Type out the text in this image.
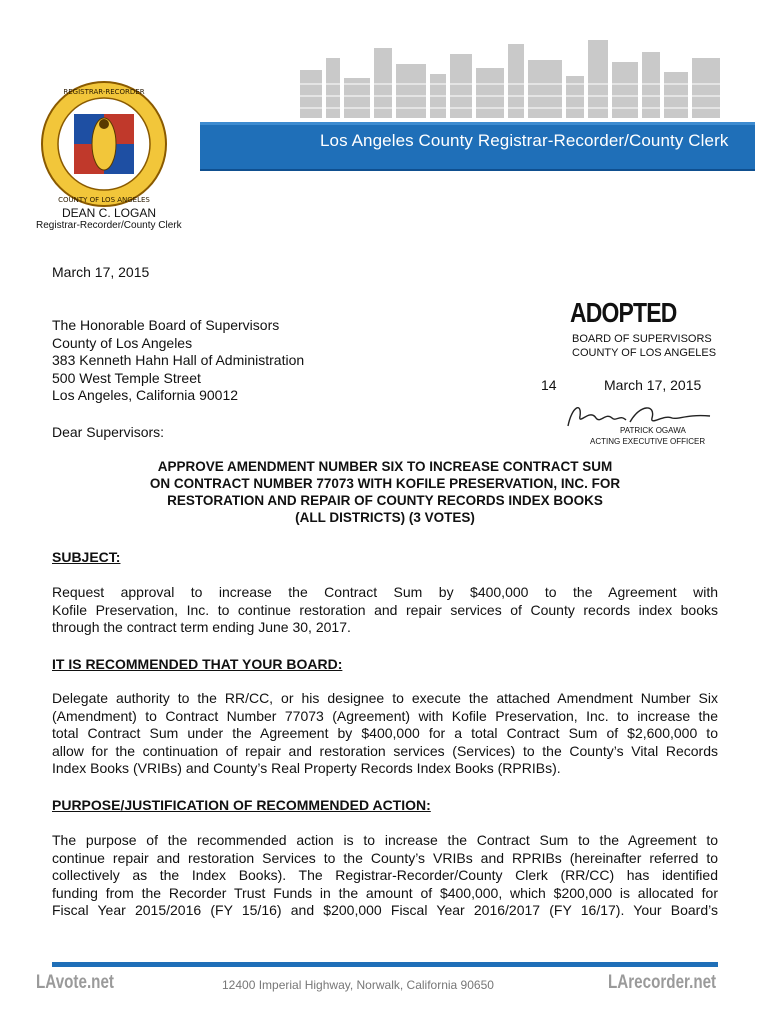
Los Angeles County Registrar-Recorder/County Clerk
REGISTRAR-RECORDER
COUNTY OF LOS ANGELES
DEAN C. LOGAN
Registrar-Recorder/County Clerk
March 17, 2015
The Honorable Board of Supervisors
County of Los Angeles
383 Kenneth Hahn Hall of Administration
500 West Temple Street
Los Angeles, California 90012
Dear Supervisors:
ADOPTED
BOARD OF SUPERVISORS
COUNTY OF LOS ANGELES
14	March 17, 2015
PATRICK OGAWA
ACTING EXECUTIVE OFFICER
APPROVE AMENDMENT NUMBER SIX TO INCREASE CONTRACT SUM
ON CONTRACT NUMBER 77073 WITH KOFILE PRESERVATION, INC. FOR
RESTORATION AND REPAIR OF COUNTY RECORDS INDEX BOOKS
(ALL DISTRICTS) (3 VOTES)
SUBJECT:
Request approval to increase the Contract Sum by $400,000 to the Agreement with
Kofile Preservation, Inc. to continue restoration and repair services of County records index books
through the contract term ending June 30, 2017.
IT IS RECOMMENDED THAT YOUR BOARD:
Delegate authority to the RR/CC, or his designee to execute the attached Amendment Number Six
(Amendment) to Contract Number 77073 (Agreement) with Kofile Preservation, Inc. to increase the
total Contract Sum under the Agreement by $400,000 for a total Contract Sum of $2,600,000 to
allow for the continuation of repair and restoration services (Services) to the County’s Vital Records
Index Books (VRIBs) and County’s Real Property Records Index Books (RPRIBs).
PURPOSE/JUSTIFICATION OF RECOMMENDED ACTION:
The purpose of the recommended action is to increase the Contract Sum to the Agreement to
continue repair and restoration Services to the County’s VRIBs and RPRIBs (hereinafter referred to
collectively as the Index Books). The Registrar-Recorder/County Clerk (RR/CC) has identified
funding from the Recorder Trust Funds in the amount of $400,000, which $200,000 is allocated for
Fiscal Year 2015/2016 (FY 15/16) and $200,000 Fiscal Year 2016/2017 (FY 16/17). Your Board’s
LAvote.net	12400 Imperial Highway, Norwalk, California 90650	LArecorder.net
